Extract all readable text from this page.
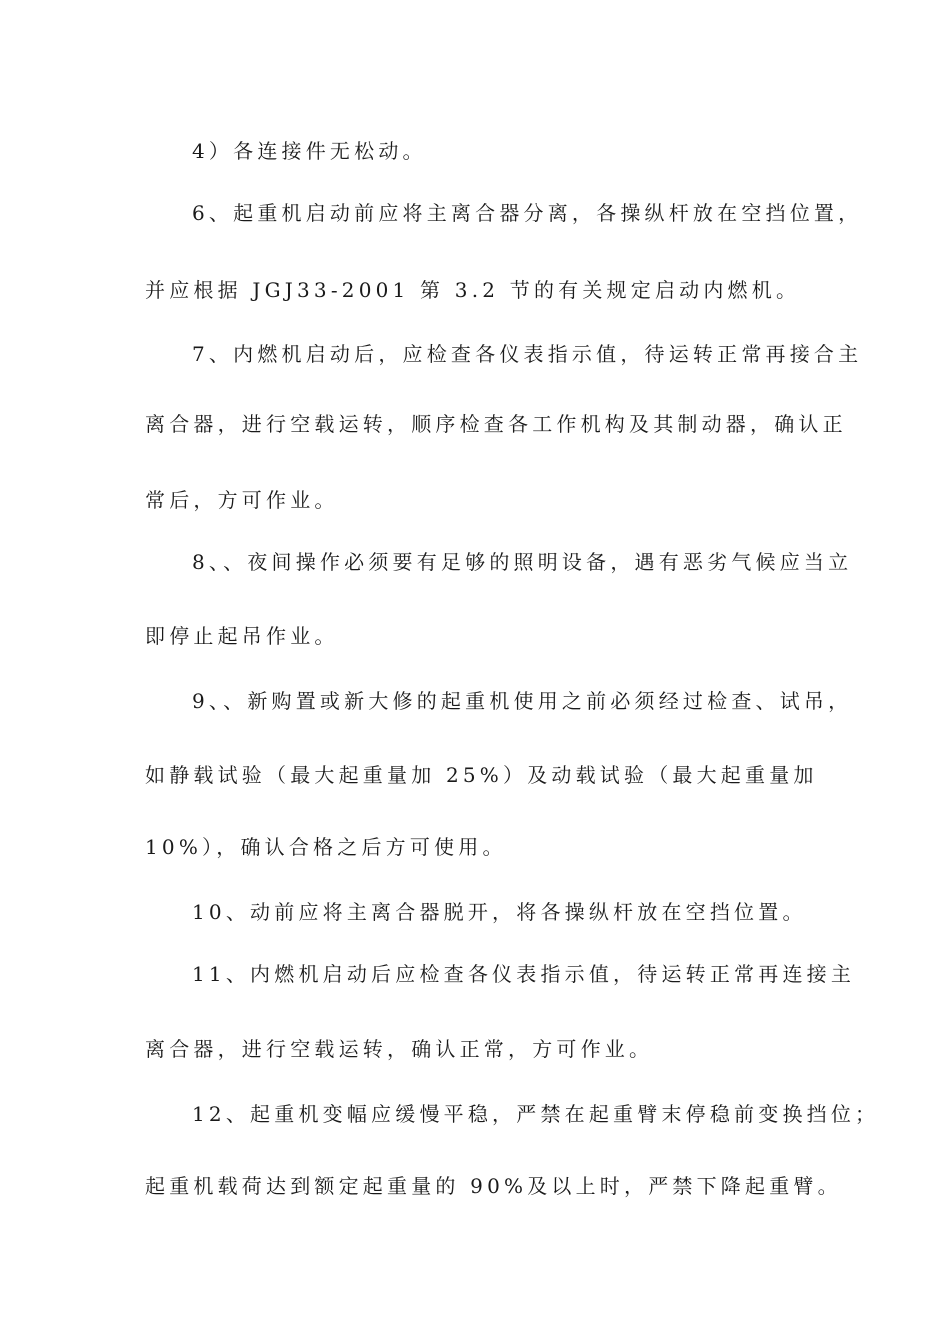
4）各连接件无松动。
6、起重机启动前应将主离合器分离，各操纵杆放在空挡位置，
并应根据 JGJ33-2001 第 3.2 节的有关规定启动内燃机。
7、内燃机启动后，应检查各仪表指示值，待运转正常再接合主
离合器，进行空载运转，顺序检查各工作机构及其制动器，确认正
常后，方可作业。
8、、夜间操作必须要有足够的照明设备，遇有恶劣气候应当立
即停止起吊作业。
9、、新购置或新大修的起重机使用之前必须经过检查、试吊，
如静载试验（最大起重量加 25%）及动载试验（最大起重量加
10%），确认合格之后方可使用。
10、动前应将主离合器脱开，将各操纵杆放在空挡位置。
11、内燃机启动后应检查各仪表指示值，待运转正常再连接主
离合器，进行空载运转，确认正常，方可作业。
12、起重机变幅应缓慢平稳，严禁在起重臂末停稳前变换挡位；
起重机载荷达到额定起重量的 90%及以上时，严禁下降起重臂。
